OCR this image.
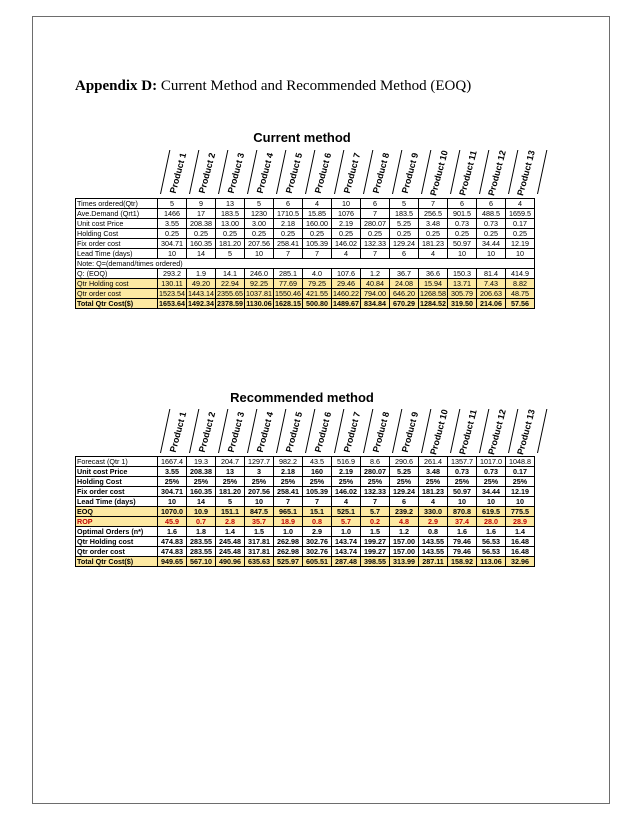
Appendix D: Current Method and Recommended Method (EOQ)
Current method
Product 1 Product 2 Product 3 Product 4 Product 5 Product 6 Product 7 Product 8 Product 9 Product 10 Product 11 Product 12 Product 13
Times ordered(Qtr)	5	9	13	5	6	4	10	6	5	7	6	6	4
Ave.Demand (Qrt1)	1466	17	183.5	1230	1710.5	15.85	1076	7	183.5	256.5	901.5	488.5	1659.5
Unit cost Price	3.55	208.38	13.00	3.00	2.18	160.00	2.19	280.07	5.25	3.48	0.73	0.73	0.17
Holding Cost	0.25	0.25	0.25	0.25	0.25	0.25	0.25	0.25	0.25	0.25	0.25	0.25	0.25
Fix order cost	304.71	160.35	181.20	207.56	258.41	105.39	146.02	132.33	129.24	181.23	50.97	34.44	12.19
Lead Time (days)	10	14	5	10	7	7	4	7	6	4	10	10	10
Note: Q=(demand/times ordered)													
Q: (EOQ)	293.2	1.9	14.1	246.0	285.1	4.0	107.6	1.2	36.7	36.6	150.3	81.4	414.9
Qtr Holding cost	130.11	49.20	22.94	92.25	77.69	79.25	29.46	40.84	24.08	15.94	13.71	7.43	8.82
Qtr order cost	1523.54	1443.14	2355.65	1037.81	1550.46	421.55	1460.22	794.00	646.20	1268.58	305.79	206.63	48.75
Total Qtr Cost($)	1653.64	1492.34	2378.59	1130.06	1628.15	500.80	1489.67	834.84	670.29	1284.52	319.50	214.06	57.56
Recommended method
Product 1 Product 2 Product 3 Product 4 Product 5 Product 6 Product 7 Product 8 Product 9 Product 10 Product 11 Product 12 Product 13
Forecast (Qtr 1)	1667.4	19.3	204.7	1297.7	982.2	43.5	516.9	8.6	290.6	261.4	1357.7	1017.0	1048.8
Unit cost Price	3.55	208.38	13	3	2.18	160	2.19	280.07	5.25	3.48	0.73	0.73	0.17
Holding Cost	25%	25%	25%	25%	25%	25%	25%	25%	25%	25%	25%	25%	25%
Fix order cost	304.71	160.35	181.20	207.56	258.41	105.39	146.02	132.33	129.24	181.23	50.97	34.44	12.19
Lead Time (days)	10	14	5	10	7	7	4	7	6	4	10	10	10
EOQ	1070.0	10.9	151.1	847.5	965.1	15.1	525.1	5.7	239.2	330.0	870.8	619.5	775.5
ROP	45.9	0.7	2.8	35.7	18.9	0.8	5.7	0.2	4.8	2.9	37.4	28.0	28.9
Optimal Orders (n*)	1.6	1.8	1.4	1.5	1.0	2.9	1.0	1.5	1.2	0.8	1.6	1.6	1.4
Qtr Holding cost	474.83	283.55	245.48	317.81	262.98	302.76	143.74	199.27	157.00	143.55	79.46	56.53	16.48
Qtr order cost	474.83	283.55	245.48	317.81	262.98	302.76	143.74	199.27	157.00	143.55	79.46	56.53	16.48
Total Qtr Cost($)	949.65	567.10	490.96	635.63	525.97	605.51	287.48	398.55	313.99	287.11	158.92	113.06	32.96
